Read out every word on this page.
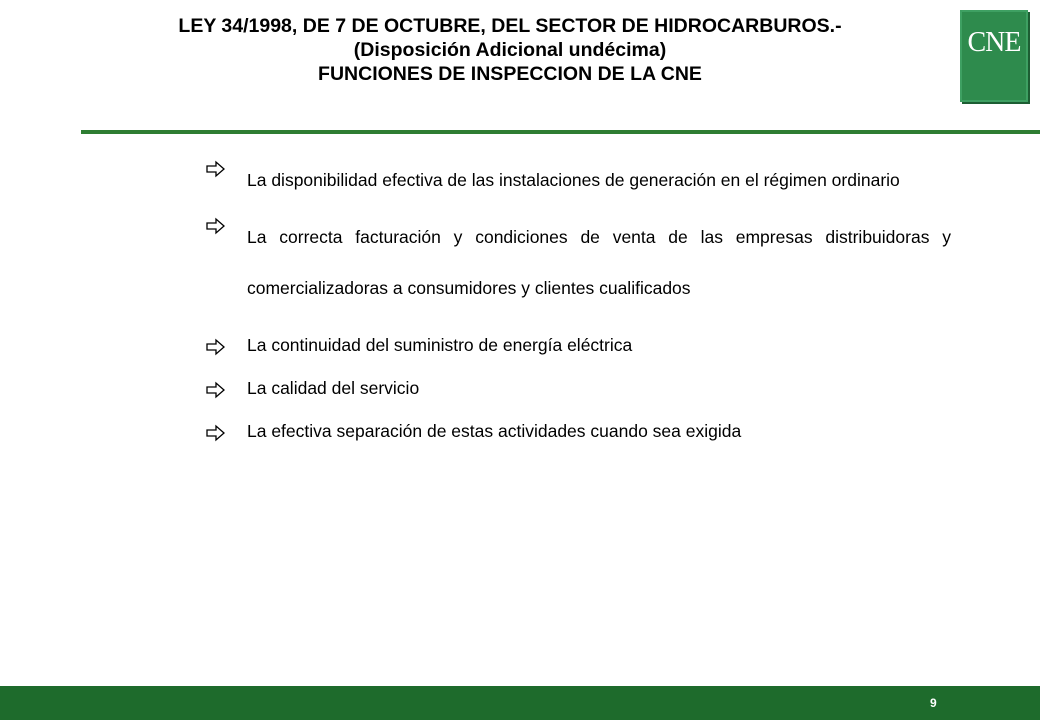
LEY 34/1998, DE 7 DE OCTUBRE, DEL SECTOR DE HIDROCARBUROS.-
(Disposición Adicional undécima)
FUNCIONES DE INSPECCION DE LA CNE
CNE
La disponibilidad efectiva de las instalaciones de generación en el régimen ordinario
La correcta facturación y condiciones de venta de las empresas distribuidoras y comercializadoras a consumidores y clientes cualificados
La continuidad del suministro de energía eléctrica
La calidad del servicio
La efectiva separación de estas actividades cuando sea exigida
9
